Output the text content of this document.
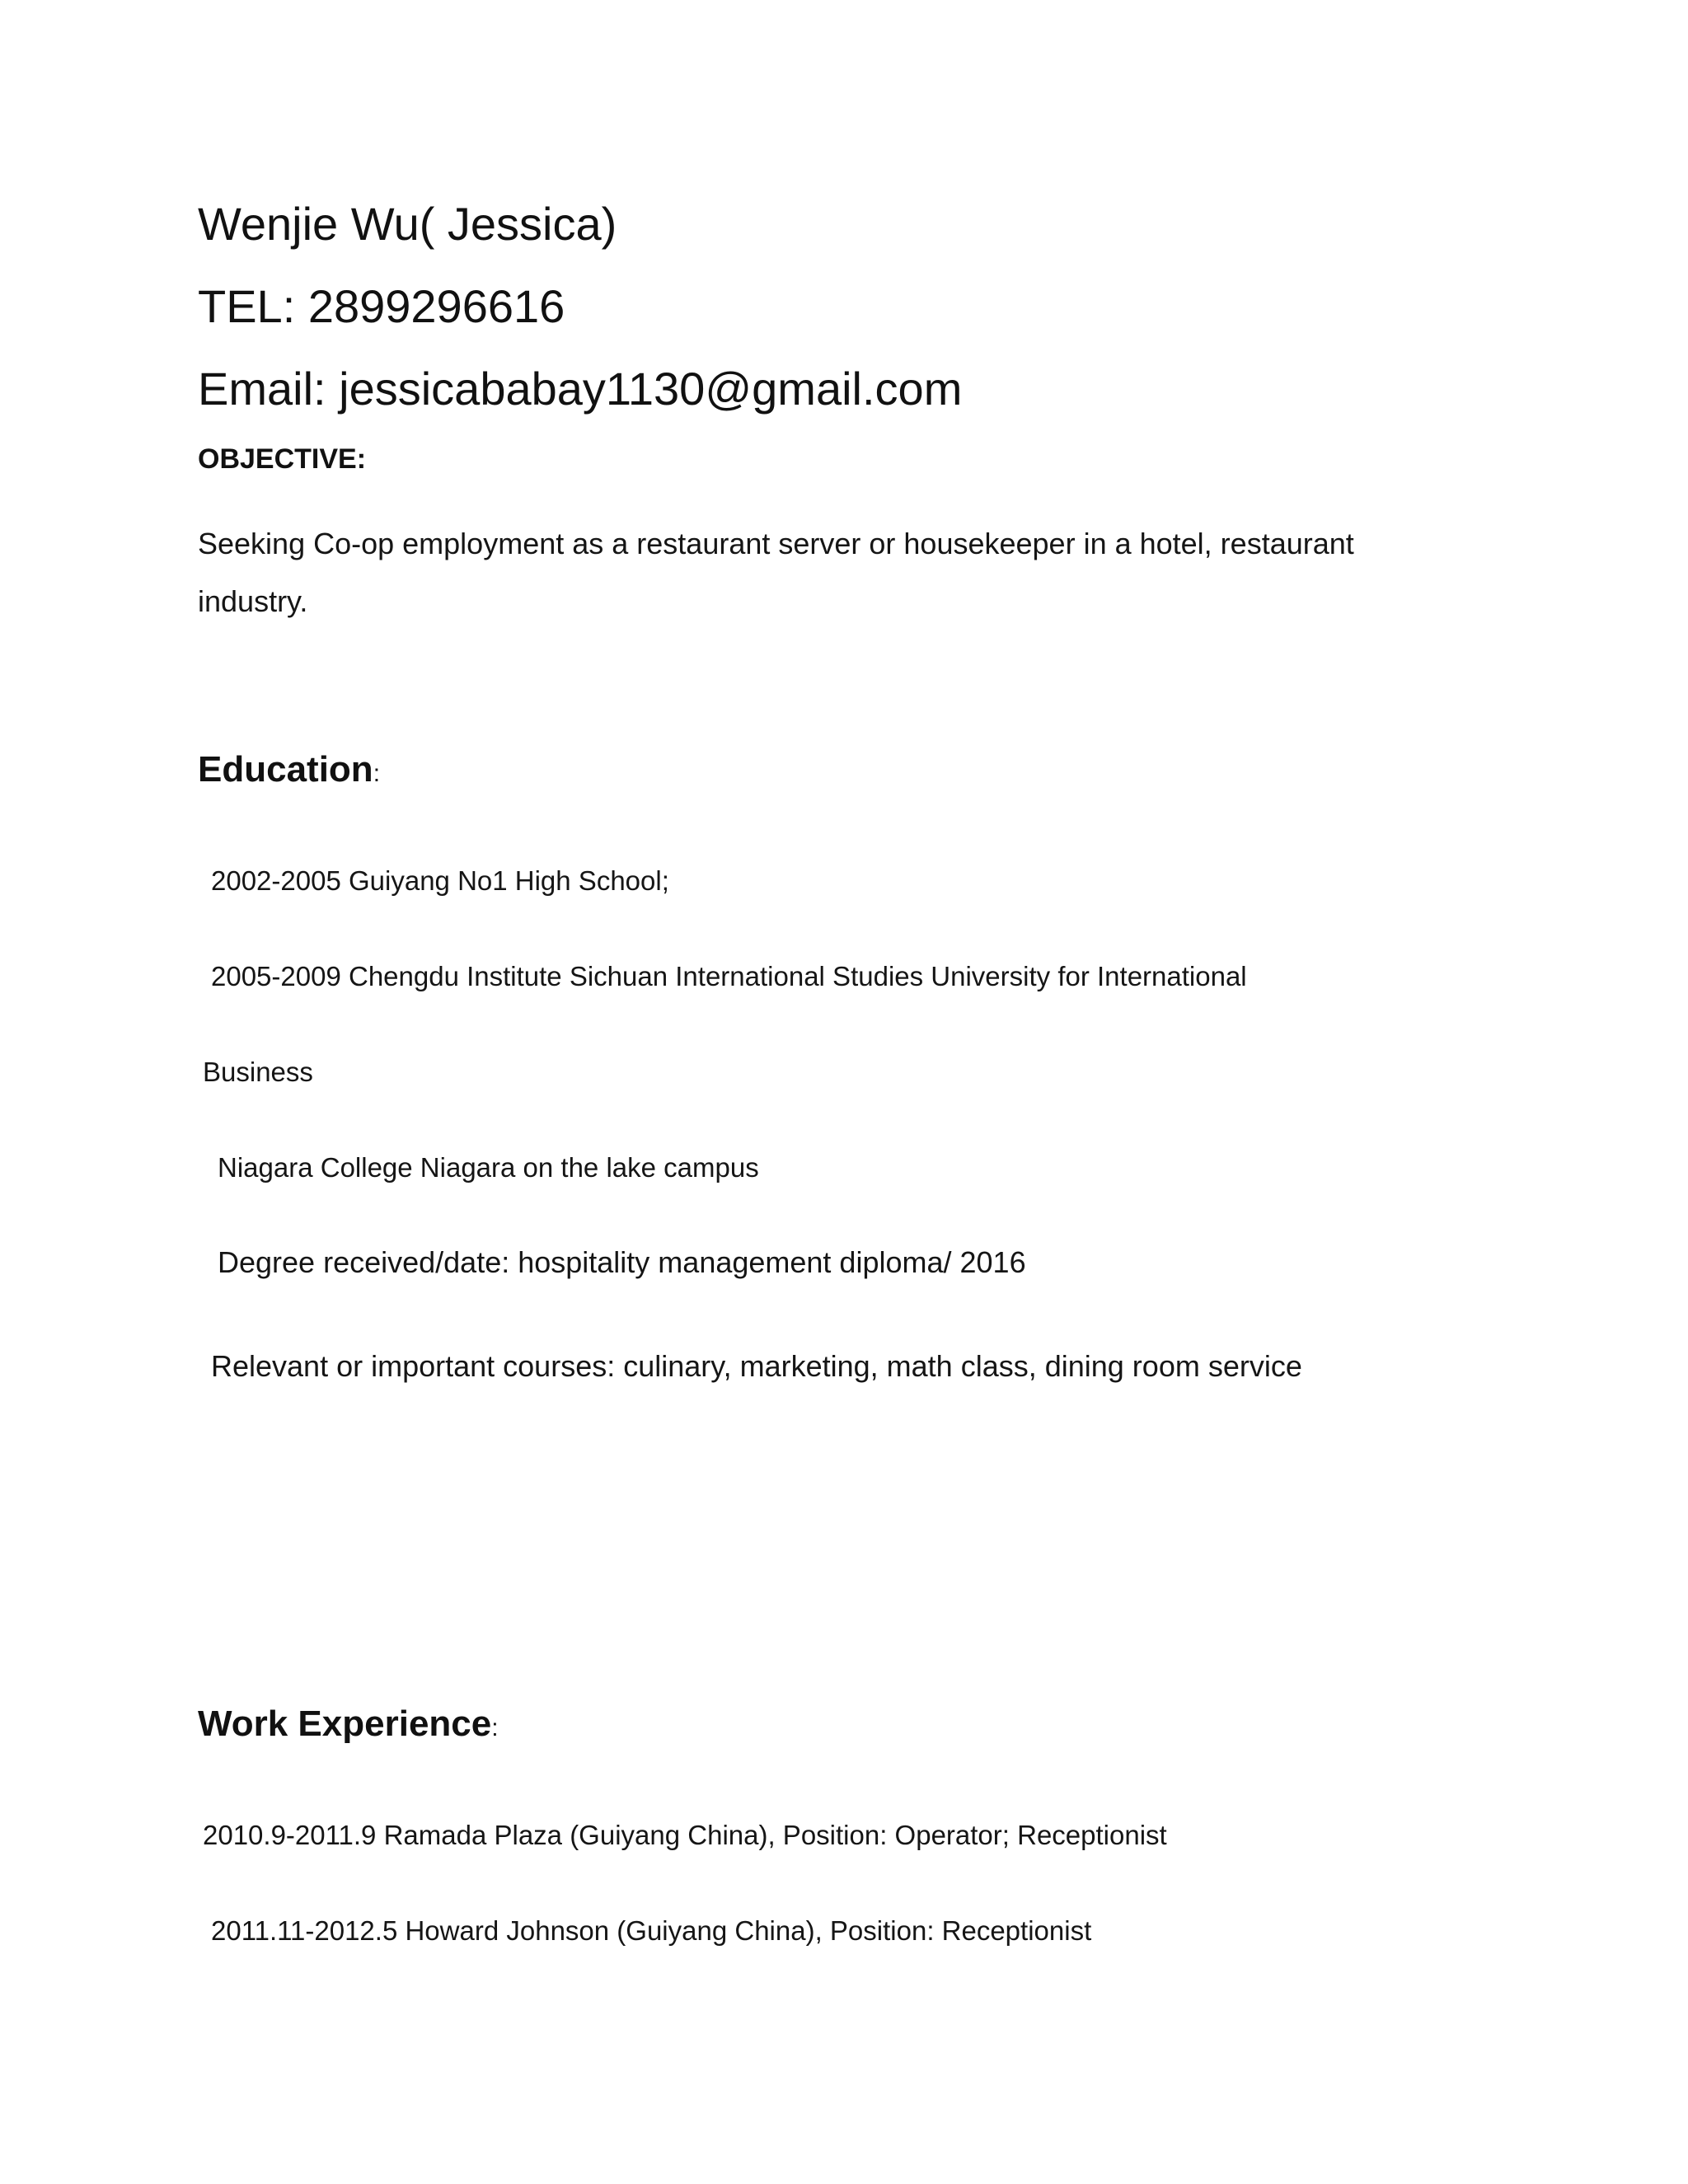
Wenjie Wu( Jessica)
TEL: 2899296616
Email: jessicababay1130@gmail.com
OBJECTIVE:
Seeking Co-op employment as a restaurant server or housekeeper in a hotel, restaurant
industry.
Education:
2002-2005 Guiyang No1 High School;
2005-2009 Chengdu Institute Sichuan International Studies University for International
Business
Niagara College Niagara on the lake campus
Degree received/date: hospitality management diploma/ 2016
Relevant or important courses: culinary, marketing, math class, dining room service
Work Experience:
2010.9-2011.9 Ramada Plaza (Guiyang China), Position: Operator; Receptionist
2011.11-2012.5 Howard Johnson (Guiyang China), Position: Receptionist
